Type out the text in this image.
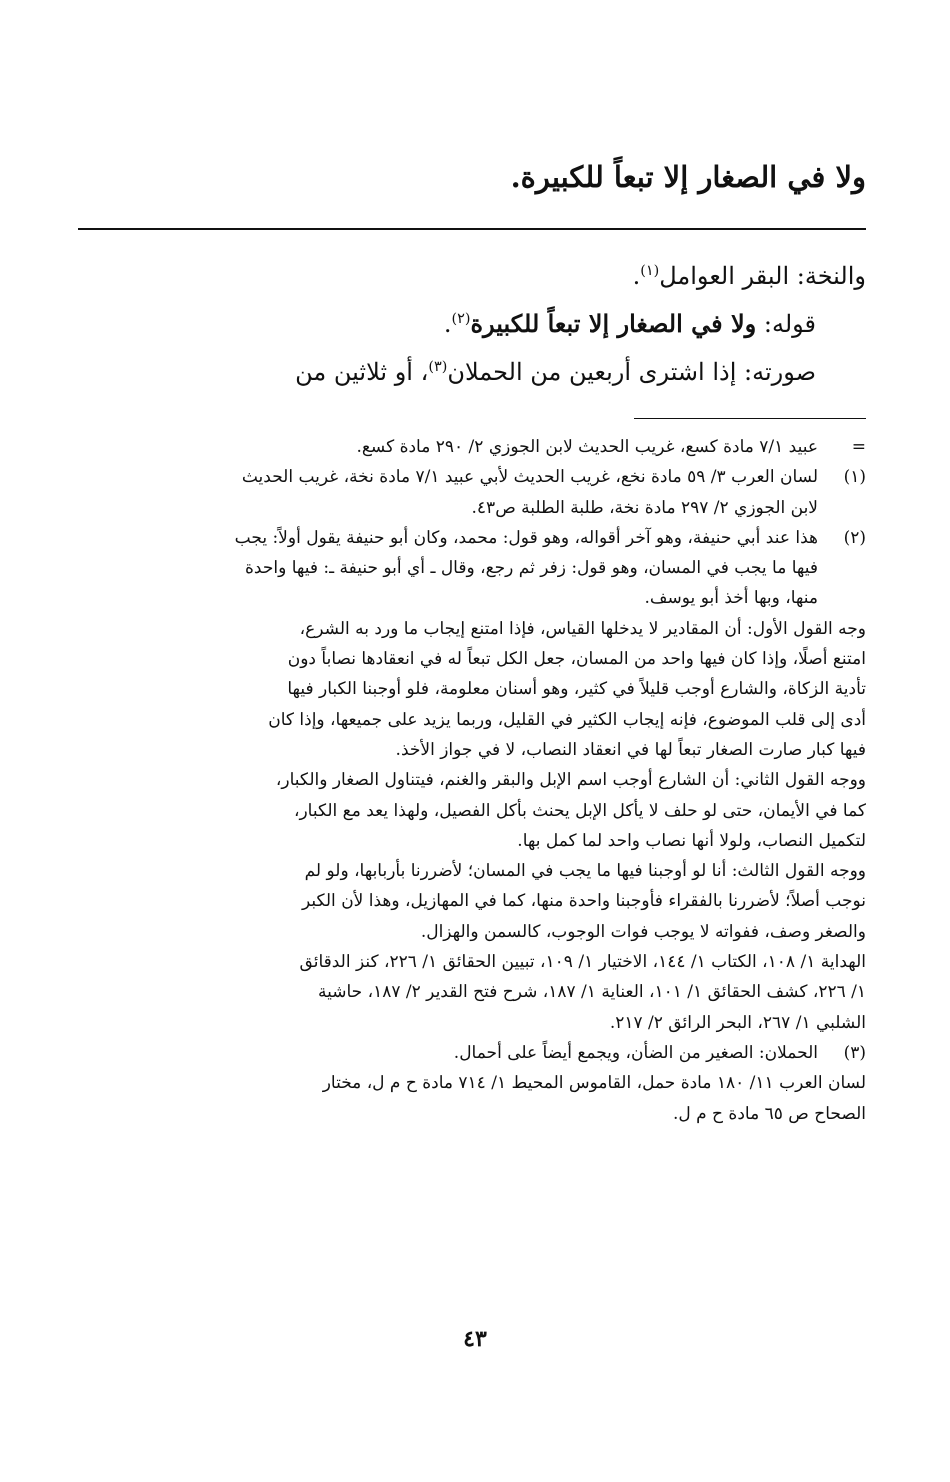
ولا في الصغار إلا تبعاً للكبيرة.

والنخة: البقر العوامل$^{(١)}$.

قوله: ولا في الصغار إلا تبعاً للكبيرة$^{(٢)}$.

صورته: إذا اشترى أربعين من الحملان$^{(٣)}$، أو ثلاثين من

=

عبيد ٧/١ مادة كسع، غريب الحديث لابن الجوزي ٢/ ٢٩٠ مادة كسع.

(١)

لسان العرب ٣/ ٥٩ مادة نخع، غريب الحديث لأبي عبيد ٧/١ مادة نخة، غريب الحديث

لابن الجوزي ٢/ ٢٩٧ مادة نخة، طلبة الطلبة ص٤٣.

(٢)

هذا عند أبي حنيفة، وهو آخر أقواله، وهو قول: محمد، وكان أبو حنيفة يقول أولاً: يجب

فيها ما يجب في المسان، وهو قول: زفر ثم رجع، وقال ـ أي أبو حنيفة ـ: فيها واحدة

منها، وبها أخذ أبو يوسف.

وجه القول الأول: أن المقادير لا يدخلها القياس، فإذا امتنع إيجاب ما ورد به الشرع،

امتنع أصلًا، وإذا كان فيها واحد من المسان، جعل الكل تبعاً له في انعقادها نصاباً دون

تأدية الزكاة، والشارع أوجب قليلاً في كثير، وهو أسنان معلومة، فلو أوجبنا الكبار فيها

أدى إلى قلب الموضوع، فإنه إيجاب الكثير في القليل، وربما يزيد على جميعها، وإذا كان

فيها كبار صارت الصغار تبعاً لها في انعقاد النصاب، لا في جواز الأخذ.

ووجه القول الثاني: أن الشارع أوجب اسم الإبل والبقر والغنم، فيتناول الصغار والكبار،

كما في الأيمان، حتى لو حلف لا يأكل الإبل يحنث بأكل الفصيل، ولهذا يعد مع الكبار،

لتكميل النصاب، ولولا أنها نصاب واحد لما كمل بها.

ووجه القول الثالث: أنا لو أوجبنا فيها ما يجب في المسان؛ لأضررنا بأربابها، ولو لم

نوجب أصلاً؛ لأضررنا بالفقراء فأوجبنا واحدة منها، كما في المهازيل، وهذا لأن الكبر

والصغر وصف، ففواته لا يوجب فوات الوجوب، كالسمن والهزال.

الهداية ١/ ١٠٨، الكتاب ١/ ١٤٤، الاختيار ١/ ١٠٩، تبيين الحقائق ١/ ٢٢٦، كنز الدقائق

١/ ٢٢٦، كشف الحقائق ١/ ١٠١، العناية ١/ ١٨٧، شرح فتح القدير ٢/ ١٨٧، حاشية

الشلبي ١/ ٢٦٧، البحر الرائق ٢/ ٢١٧.

(٣)

الحملان: الصغير من الضأن، ويجمع أيضاً على أحمال.

لسان العرب ١١/ ١٨٠ مادة حمل، القاموس المحيط ١/ ٧١٤ مادة ح م ل، مختار

الصحاح ص ٦٥ مادة ح م ل.

٤٣
